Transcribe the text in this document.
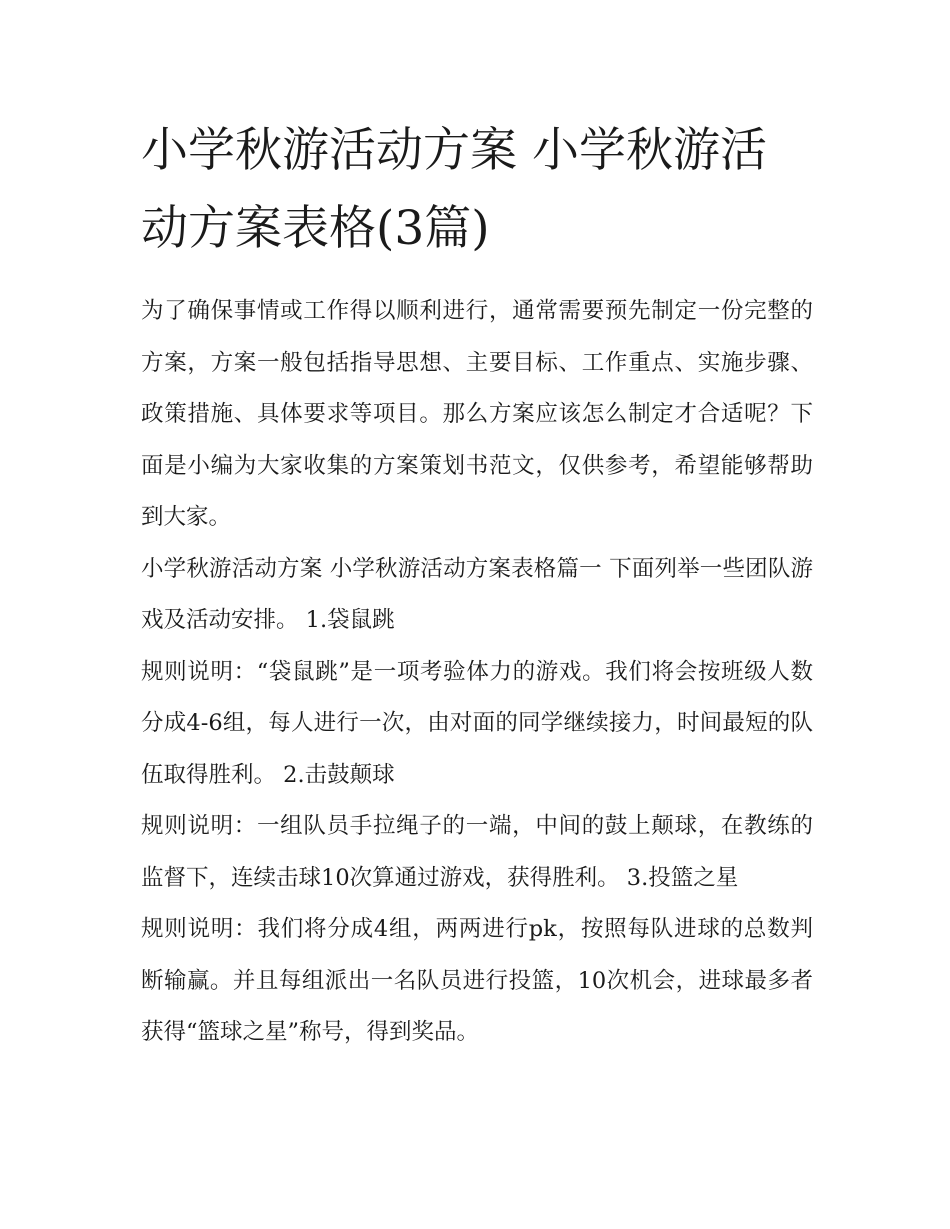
小学秋游活动方案 小学秋游活动方案表格(3篇)

为了确保事情或工作得以顺利进行，通常需要预先制定一份完整的方案，方案一般包括指导思想、主要目标、工作重点、实施步骤、政策措施、具体要求等项目。那么方案应该怎么制定才合适呢？下面是小编为大家收集的方案策划书范文，仅供参考，希望能够帮助到大家。

小学秋游活动方案 小学秋游活动方案表格篇一 下面列举一些团队游戏及活动安排。 1.袋鼠跳

规则说明：“袋鼠跳”是一项考验体力的游戏。我们将会按班级人数分成4-6组，每人进行一次，由对面的同学继续接力，时间最短的队伍取得胜利。 2.击鼓颠球

规则说明：一组队员手拉绳子的一端，中间的鼓上颠球，在教练的监督下，连续击球10次算通过游戏，获得胜利。 3.投篮之星

规则说明：我们将分成4组，两两进行pk，按照每队进球的总数判断输赢。并且每组派出一名队员进行投篮，10次机会，进球最多者获得“篮球之星”称号，得到奖品。
